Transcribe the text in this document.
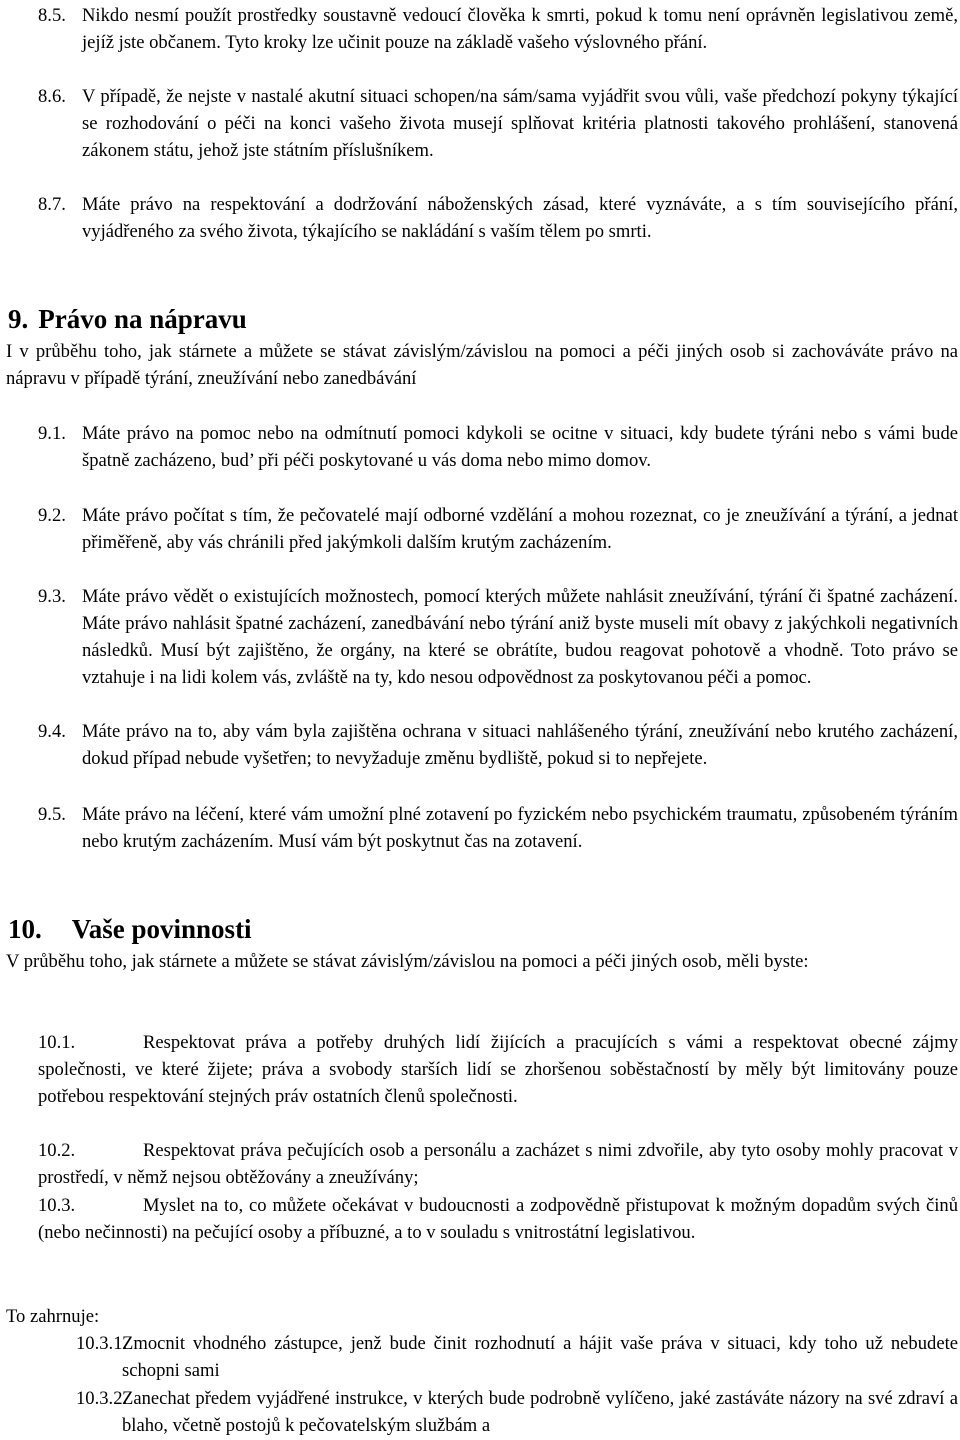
8.5. Nikdo nesmí použít prostředky soustavně vedoucí člověka k smrti, pokud k tomu není oprávněn legislativou země, jejíž jste občanem. Tyto kroky lze učinit pouze na základě vašeho výslovného přání.
8.6. V případě, že nejste v nastalé akutní situaci schopen/na sám/sama vyjádřit svou vůli, vaše předchozí pokyny týkající se rozhodování o péči na konci vašeho života musejí splňovat kritéria platnosti takového prohlášení, stanovená zákonem státu, jehož jste státním příslušníkem.
8.7. Máte právo na respektování a dodržování náboženských zásad, které vyznáváte, a s tím souvisejícího přání, vyjádřeného za svého života, týkajícího se nakládání s vaším tělem po smrti.
9. Právo na nápravu
I v průběhu toho, jak stárnete a můžete se stávat závislým/závislou na pomoci a péči jiných osob si zachováváte právo na nápravu v případě týrání, zneužívání nebo zanedbávání
9.1. Máte právo na pomoc nebo na odmítnutí pomoci kdykoli se ocitne v situaci, kdy budete týráni nebo s vámi bude špatně zacházeno, bud’ při péči poskytované u vás doma nebo mimo domov.
9.2. Máte právo počítat s tím, že pečovatelé mají odborné vzdělání a mohou rozeznat, co je zneužívání a týrání, a jednat přiměřeně, aby vás chránili před jakýmkoli dalším krutým zacházením.
9.3. Máte právo vědět o existujících možnostech, pomocí kterých můžete nahlásit zneužívání, týrání či špatné zacházení. Máte právo nahlásit špatné zacházení, zanedbávání nebo týrání aniž byste museli mít obavy z jakýchkoli negativních následků. Musí být zajištěno, že orgány, na které se obrátíte, budou reagovat pohotově a vhodně. Toto právo se vztahuje i na lidi kolem vás, zvláště na ty, kdo nesou odpovědnost za poskytovanou péči a pomoc.
9.4. Máte právo na to, aby vám byla zajištěna ochrana v situaci nahlášeného týrání, zneužívání nebo krutého zacházení, dokud případ nebude vyšetřen; to nevyžaduje změnu bydliště, pokud si to nepřejete.
9.5. Máte právo na léčení, které vám umožní plné zotavení po fyzickém nebo psychickém traumatu, způsobeném týráním nebo krutým zacházením. Musí vám být poskytnut čas na zotavení.
10. Vaše povinnosti
V průběhu toho, jak stárnete a můžete se stávat závislým/závislou na pomoci a péči jiných osob, měli byste:
10.1.	Respektovat práva a potřeby druhých lidí žijících a pracujících s vámi a respektovat obecné zájmy společnosti, ve které žijete; práva a svobody starších lidí se zhoršenou soběstačností by měly být limitovány pouze potřebou respektování stejných práv ostatních členů společnosti.
10.2.	Respektovat práva pečujících osob a personálu a zacházet s nimi zdvořile, aby tyto osoby mohly pracovat v prostředí, v němž nejsou obtěžovány a zneužívány;
10.3.	Myslet na to, co můžete očekávat v budoucnosti a zodpovědně přistupovat k možným dopadům svých činů (nebo nečinnosti) na pečující osoby a příbuzné, a to v souladu s vnitrostátní legislativou.
To zahrnuje:
10.3.1.
Zmocnit vhodného zástupce, jenž bude činit rozhodnutí a hájit vaše práva v situaci, kdy toho už nebudete schopni sami
10.3.2.
Zanechat předem vyjádřené instrukce, v kterých bude podrobně vylíčeno, jaké zastáváte názory na své zdraví a blaho, včetně postojů k pečovatelským službám a
